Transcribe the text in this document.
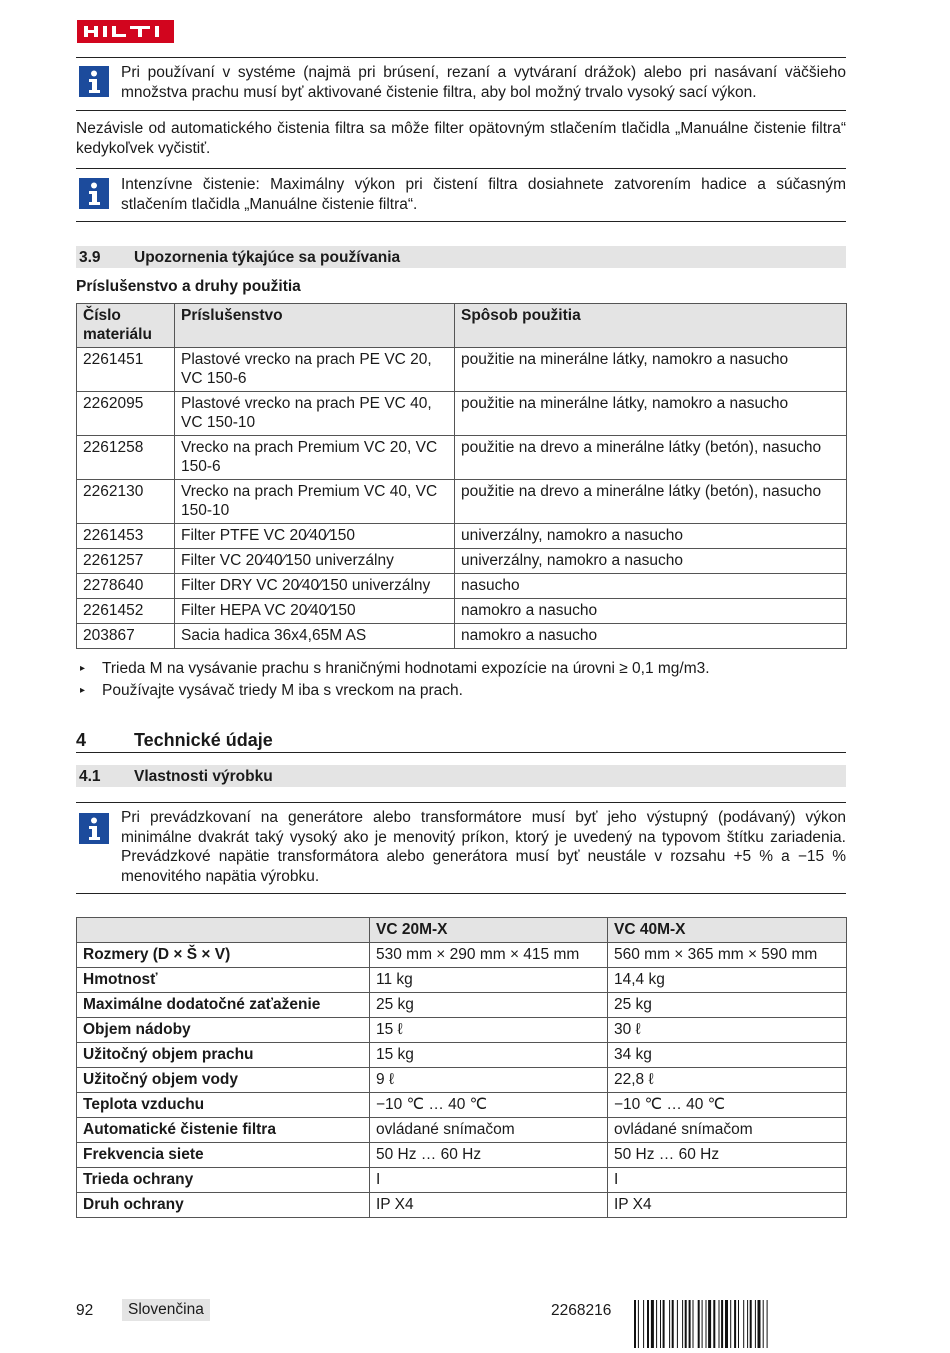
Pri používaní v systéme (najmä pri brúsení, rezaní a vytváraní drážok) alebo pri nasávaní väčšieho množstva prachu musí byť aktivované čistenie filtra, aby bol možný trvalo vysoký sací výkon.
Nezávisle od automatického čistenia filtra sa môže filter opätovným stlačením tlačidla „Manuálne čistenie filtra“ kedykoľvek vyčistiť.
Intenzívne čistenie: Maximálny výkon pri čistení filtra dosiahnete zatvorením hadice a súčasným stlačením tlačidla „Manuálne čistenie filtra“.
3.9 Upozornenia týkajúce sa používania
Príslušenstvo a druhy použitia
Číslo materiálu	Príslušenstvo	Spôsob použitia
2261451	Plastové vrecko na prach PE VC 20, VC 150-6	použitie na minerálne látky, namokro a nasucho
2262095	Plastové vrecko na prach PE VC 40, VC 150-10	použitie na minerálne látky, namokro a nasucho
2261258	Vrecko na prach Premium VC 20, VC 150-6	použitie na drevo a minerálne látky (betón), nasucho
2262130	Vrecko na prach Premium VC 40, VC 150-10	použitie na drevo a minerálne látky (betón), nasucho
2261453	Filter PTFE VC 20⁄40⁄150	univerzálny, namokro a nasucho
2261257	Filter VC 20⁄40⁄150 univerzálny	univerzálny, namokro a nasucho
2278640	Filter DRY VC 20⁄40⁄150 univerzálny	nasucho
2261452	Filter HEPA VC 20⁄40⁄150	namokro a nasucho
203867	Sacia hadica 36x4,65M AS	namokro a nasucho
▸ Trieda M na vysávanie prachu s hraničnými hodnotami expozície na úrovni ≥ 0,1 mg/m3.
▸ Používajte vysávač triedy M iba s vreckom na prach.
4	Technické údaje
4.1 Vlastnosti výrobku
Pri prevádzkovaní na generátore alebo transformátore musí byť jeho výstupný (podávaný) výkon minimálne dvakrát taký vysoký ako je menovitý príkon, ktorý je uvedený na typovom štítku zariadenia. Prevádzkové napätie transformátora alebo generátora musí byť neustále v rozsahu +5 % a −15 % menovitého napätia výrobku.
	VC 20M-X	VC 40M-X
Rozmery (D × Š × V)	530 mm × 290 mm × 415 mm	560 mm × 365 mm × 590 mm
Hmotnosť	11 kg	14,4 kg
Maximálne dodatočné zaťaženie	25 kg	25 kg
Objem nádoby	15 ℓ	30 ℓ
Užitočný objem prachu	15 kg	34 kg
Užitočný objem vody	9 ℓ	22,8 ℓ
Teplota vzduchu	−10 ℃ … 40 ℃	−10 ℃ … 40 ℃
Automatické čistenie filtra	ovládané snímačom	ovládané snímačom
Frekvencia siete	50 Hz … 60 Hz	50 Hz … 60 Hz
Trieda ochrany	I	I
Druh ochrany	IP X4	IP X4
92	Slovenčina	2268216
